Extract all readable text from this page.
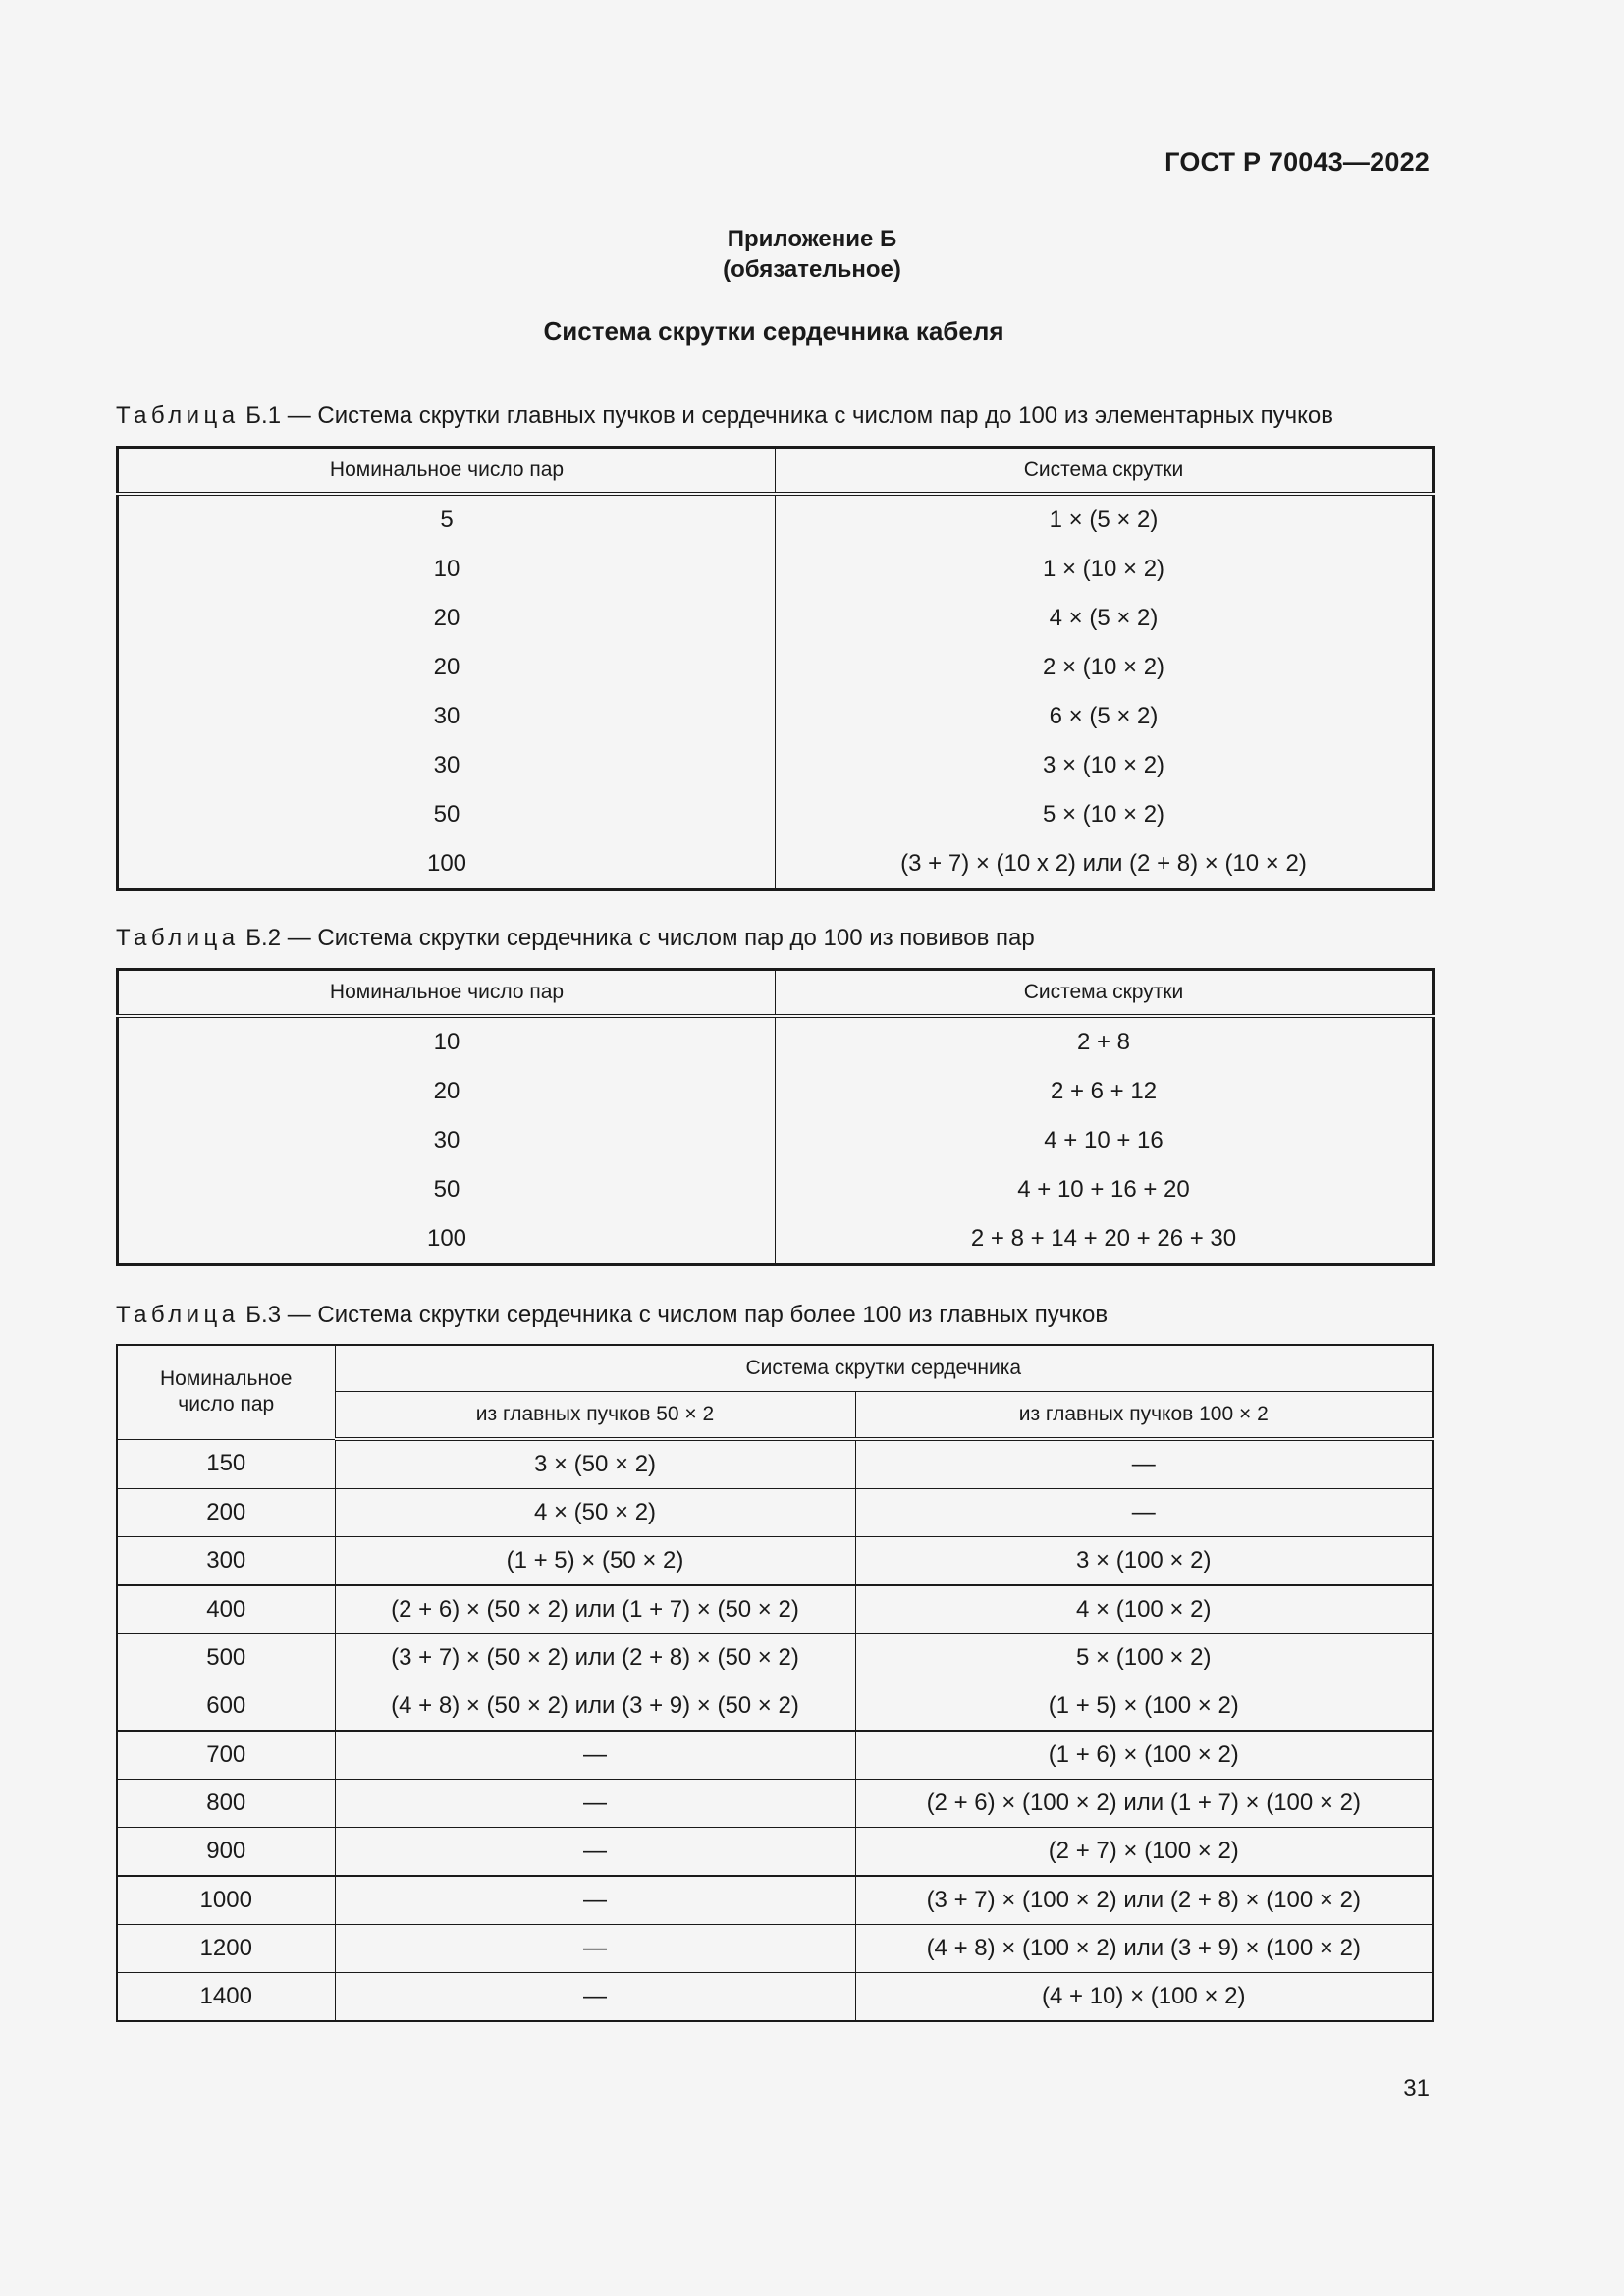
ГОСТ Р 70043—2022
Приложение Б
(обязательное)
Система скрутки сердечника кабеля
Таблица Б.1 — Система скрутки главных пучков и сердечника с числом пар до 100 из элементарных пучков
Номинальное число пар	Система скрутки
5	1 × (5 × 2)
10	1 × (10 × 2)
20	4 × (5 × 2)
20	2 × (10 × 2)
30	6 × (5 × 2)
30	3 × (10 × 2)
50	5 × (10 × 2)
100	(3 + 7) × (10 x 2) или (2 + 8) × (10 × 2)
Таблица Б.2 — Система скрутки сердечника с числом пар до 100 из повивов пар
Номинальное число пар	Система скрутки
10	2 + 8
20	2 + 6 + 12
30	4 + 10 + 16
50	4 + 10 + 16 + 20
100	2 + 8 + 14 + 20 + 26 + 30
Таблица Б.3 — Система скрутки сердечника с числом пар более 100 из главных пучков
Номинальное
число пар	Система скрутки сердечника	
	из главных пучков 50 × 2	из главных пучков 100 × 2
150	3 × (50 × 2)	—
200	4 × (50 × 2)	—
300	(1 + 5) × (50 × 2)	3 × (100 × 2)
400	(2 + 6) × (50 × 2) или (1 + 7) × (50 × 2)	4 × (100 × 2)
500	(3 + 7) × (50 × 2) или (2 + 8) × (50 × 2)	5 × (100 × 2)
600	(4 + 8) × (50 × 2) или (3 + 9) × (50 × 2)	(1 + 5) × (100 × 2)
700	—	(1 + 6) × (100 × 2)
800	—	(2 + 6) × (100 × 2) или (1 + 7) × (100 × 2)
900	—	(2 + 7) × (100 × 2)
1000	—	(3 + 7) × (100 × 2) или (2 + 8) × (100 × 2)
1200	—	(4 + 8) × (100 × 2) или (3 + 9) × (100 × 2)
1400	—	(4 + 10) × (100 × 2)
31
